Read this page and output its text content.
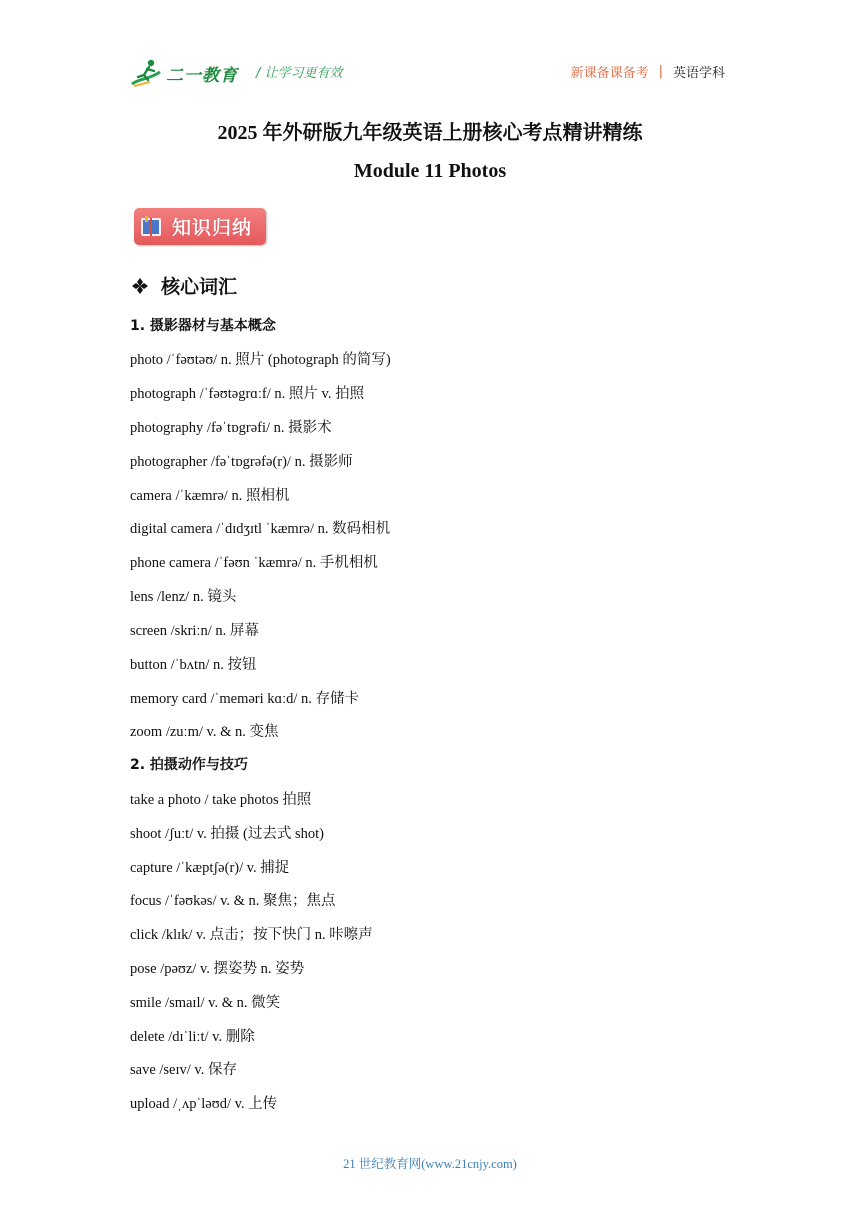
二一教育 / 让学习更有效	新课备课备考 | 英语学科
2025 年外研版九年级英语上册核心考点精讲精练
Module 11 Photos
知识归纳
核心词汇
1. 摄影器材与基本概念
photo /ˈfəʊtəʊ/ n. 照片 (photograph 的简写)
photograph /ˈfəʊtəgrɑːf/ n. 照片 v. 拍照
photography /fəˈtɒgrəfi/ n. 摄影术
photographer /fəˈtɒgrəfə(r)/ n. 摄影师
camera /ˈkæmrə/ n. 照相机
digital camera /ˈdɪdʒɪtl ˈkæmrə/ n. 数码相机
phone camera /ˈfəʊn ˈkæmrə/ n. 手机相机
lens /lenz/ n. 镜头
screen /skriːn/ n. 屏幕
button /ˈbʌtn/ n. 按钮
memory card /ˈmeməri kɑːd/ n. 存储卡
zoom /zuːm/ v. & n. 变焦
2. 拍摄动作与技巧
take a photo / take photos 拍照
shoot /ʃuːt/ v. 拍摄 (过去式 shot)
capture /ˈkæptʃə(r)/ v. 捕捉
focus /ˈfəʊkəs/ v. & n. 聚焦；焦点
click /klɪk/ v. 点击；按下快门 n. 咔嚓声
pose /pəʊz/ v. 摆姿势 n. 姿势
smile /smaɪl/ v. & n. 微笑
delete /dɪˈliːt/ v. 删除
save /seɪv/ v. 保存
upload /ˌʌpˈləʊd/ v. 上传
21 世纪教育网(www.21cnjy.com)
